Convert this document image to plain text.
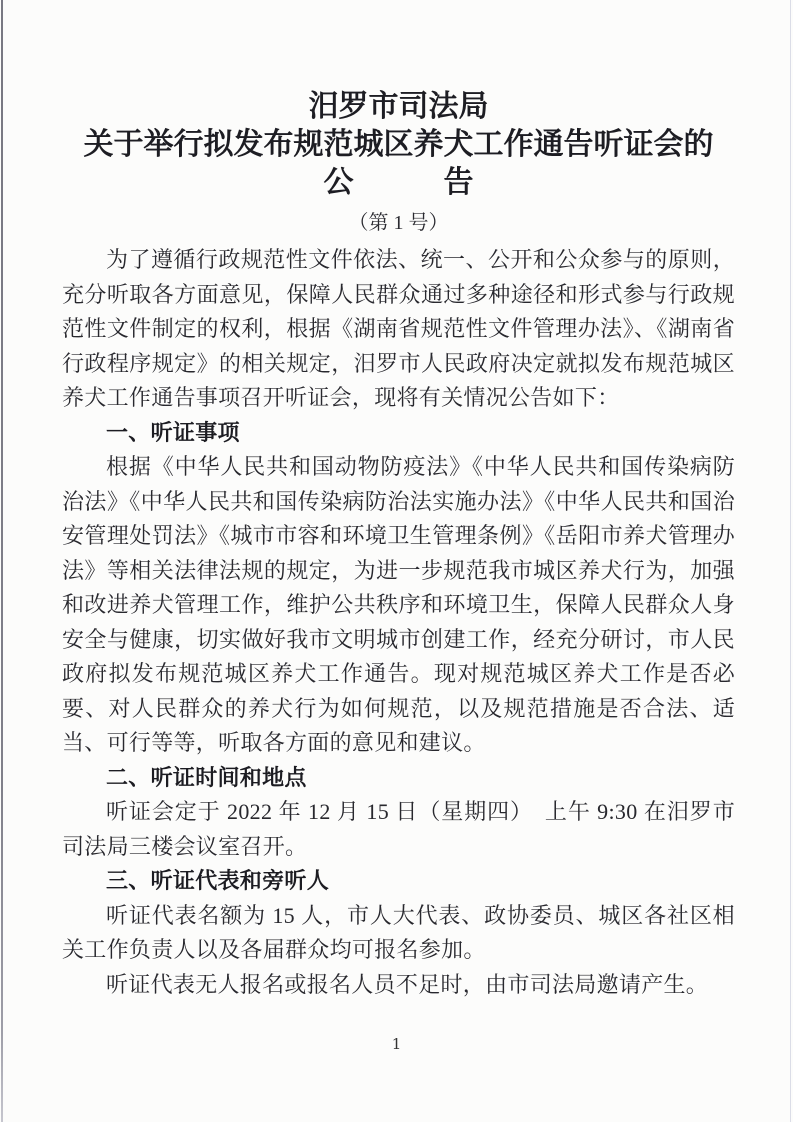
汨罗市司法局
关于举行拟发布规范城区养犬工作通告听证会的
公　　　告
（第 1 号）

为了遵循行政规范性文件依法、统一、公开和公众参与的原则，充分听取各方面意见，保障人民群众通过多种途径和形式参与行政规范性文件制定的权利，根据《湖南省规范性文件管理办法》、《湖南省行政程序规定》的相关规定，汨罗市人民政府决定就拟发布规范城区养犬工作通告事项召开听证会，现将有关情况公告如下：

一、听证事项

根据《中华人民共和国动物防疫法》《中华人民共和国传染病防治法》《中华人民共和国传染病防治法实施办法》《中华人民共和国治安管理处罚法》《城市市容和环境卫生管理条例》《岳阳市养犬管理办法》等相关法律法规的规定，为进一步规范我市城区养犬行为，加强和改进养犬管理工作，维护公共秩序和环境卫生，保障人民群众人身安全与健康，切实做好我市文明城市创建工作，经充分研讨，市人民政府拟发布规范城区养犬工作通告。现对规范城区养犬工作是否必要、对人民群众的养犬行为如何规范，以及规范措施是否合法、适当、可行等等，听取各方面的意见和建议。

二、听证时间和地点

听证会定于 2022 年 12 月 15 日（星期四）　上午 9:30 在汨罗市司法局三楼会议室召开。

三、听证代表和旁听人

听证代表名额为 15 人，市人大代表、政协委员、城区各社区相关工作负责人以及各届群众均可报名参加。

听证代表无人报名或报名人员不足时，由市司法局邀请产生。

1
